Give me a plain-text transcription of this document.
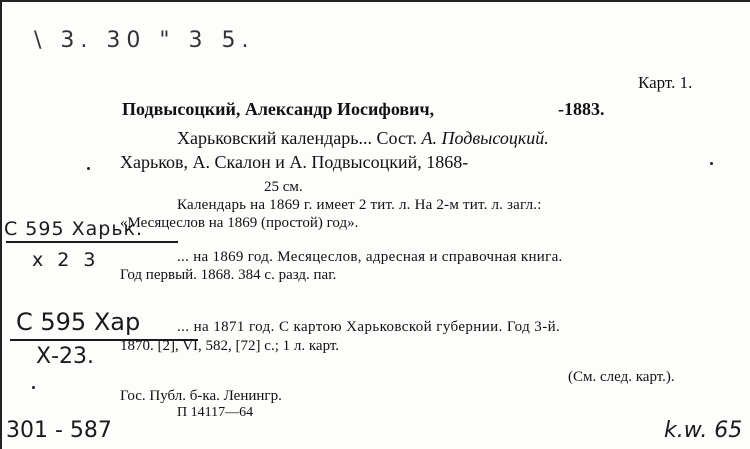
\ 3. 30 " 3 5.
Карт. 1.
Подвысоцкий, Александр Иосифович,	-1883.
Харьковский календарь... Сост. А. Подвысоцкий.
Харьков, А. Скалон и А. Подвысоцкий, 1868-
25 см.
Календарь на 1869 г. имеет 2 тит. л. На 2-м тит. л. загл.:
«Месяцеслов на 1869 (простой) год».
С 595 Харьк.
х 2 3	... на 1869 год. Месяцеслов, адресная и справочная книга.
Год первый. 1868. 384 с. разд. паг.
С 595 Хар
Х-23.
... на 1871 год. С картою Харьковской губернии. Год 3-й.
1870. [2], VI, 582, [72] с.; 1 л. карт.
(См. след. карт.).
Гос. Публ. б-ка. Ленингр.
П 14117—64
301 - 587	k.w. 65
